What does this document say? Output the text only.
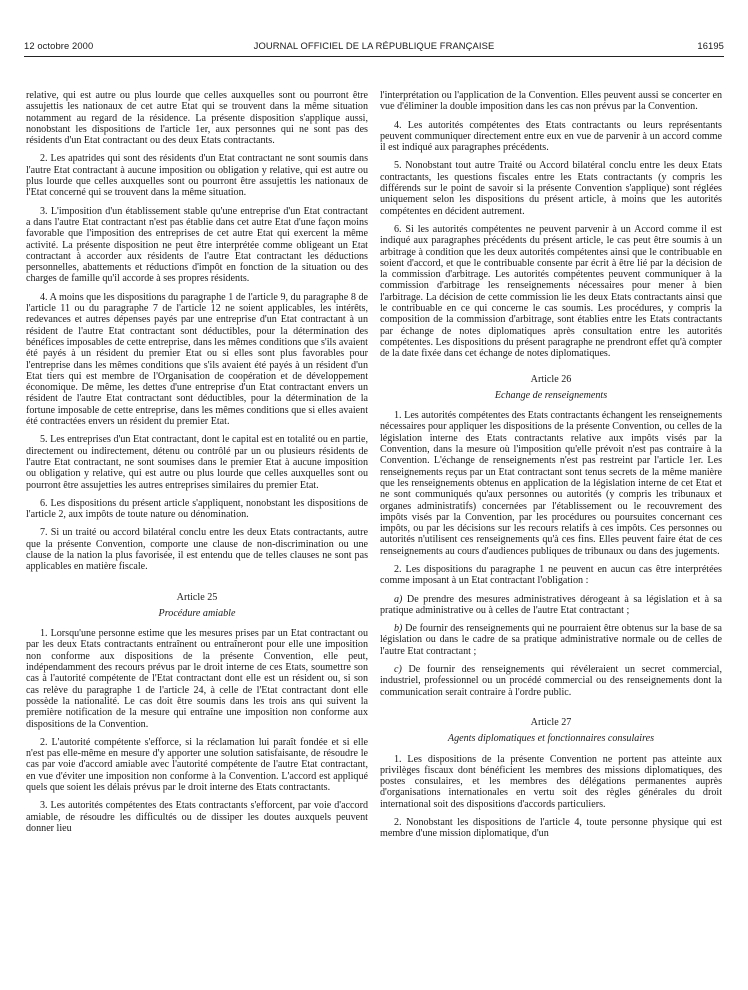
12 octobre 2000	JOURNAL OFFICIEL DE LA RÉPUBLIQUE FRANÇAISE	16195

relative, qui est autre ou plus lourde que celles auxquelles sont ou pourront être assujettis les nationaux de cet autre Etat qui se trouvent dans la même situation notamment au regard de la résidence. La présente disposition s'applique aussi, nonobstant les dispositions de l'article 1er, aux personnes qui ne sont pas des résidents d'un Etat contractant ou des deux Etats contractants.

2. Les apatrides qui sont des résidents d'un Etat contractant ne sont soumis dans l'autre Etat contractant à aucune imposition ou obligation y relative, qui est autre ou plus lourde que celles auxquelles sont ou pourront être assujettis les nationaux de l'Etat concerné qui se trouvent dans la même situation.

3. L'imposition d'un établissement stable qu'une entreprise d'un Etat contractant a dans l'autre Etat contractant n'est pas établie dans cet autre Etat d'une façon moins favorable que l'imposition des entreprises de cet autre Etat qui exercent la même activité. La présente disposition ne peut être interprétée comme obligeant un Etat contractant à accorder aux résidents de l'autre Etat contractant les déductions personnelles, abattements et réductions d'impôt en fonction de la situation ou des charges de famille qu'il accorde à ses propres résidents.

4. A moins que les dispositions du paragraphe 1 de l'article 9, du paragraphe 8 de l'article 11 ou du paragraphe 7 de l'article 12 ne soient applicables, les intérêts, redevances et autres dépenses payés par une entreprise d'un Etat contractant à un résident de l'autre Etat contractant sont déductibles, pour la détermination des bénéfices imposables de cette entreprise, dans les mêmes conditions que s'ils avaient été payés à un résident du premier Etat ou si elles sont plus favorables pour l'entreprise dans les mêmes conditions que s'ils avaient été payés à un résident d'un Etat tiers qui est membre de l'Organisation de coopération et de développement économique. De même, les dettes d'une entreprise d'un Etat contractant envers un résident de l'autre Etat contractant sont déductibles, pour la détermination de la fortune imposable de cette entreprise, dans les mêmes conditions que si elles avaient été contractées envers un résident du premier Etat.

5. Les entreprises d'un Etat contractant, dont le capital est en totalité ou en partie, directement ou indirectement, détenu ou contrôlé par un ou plusieurs résidents de l'autre Etat contractant, ne sont soumises dans le premier Etat à aucune imposition ou obligation y relative, qui est autre ou plus lourde que celles auxquelles sont ou pourront être assujetties les autres entreprises similaires du premier Etat.

6. Les dispositions du présent article s'appliquent, nonobstant les dispositions de l'article 2, aux impôts de toute nature ou dénomination.

7. Si un traité ou accord bilatéral conclu entre les deux Etats contractants, autre que la présente Convention, comporte une clause de non-discrimination ou une clause de la nation la plus favorisée, il est entendu que de telles clauses ne sont pas applicables en matière fiscale.

Article 25
Procédure amiable

1. Lorsqu'une personne estime que les mesures prises par un Etat contractant ou par les deux Etats contractants entraînent ou entraîneront pour elle une imposition non conforme aux dispositions de la présente Convention, elle peut, indépendamment des recours prévus par le droit interne de ces Etats, soumettre son cas à l'autorité compétente de l'Etat contractant dont elle est un résident ou, si son cas relève du paragraphe 1 de l'article 24, à celle de l'Etat contractant dont elle possède la nationalité. Le cas doit être soumis dans les trois ans qui suivent la première notification de la mesure qui entraîne une imposition non conforme aux dispositions de la Convention.

2. L'autorité compétente s'efforce, si la réclamation lui paraît fondée et si elle n'est pas elle-même en mesure d'y apporter une solution satisfaisante, de résoudre le cas par voie d'accord amiable avec l'autorité compétente de l'autre Etat contractant, en vue d'éviter une imposition non conforme à la Convention. L'accord est appliqué quels que soient les délais prévus par le droit interne des Etats contractants.

3. Les autorités compétentes des Etats contractants s'efforcent, par voie d'accord amiable, de résoudre les difficultés ou de dissiper les doutes auxquels peuvent donner lieu

l'interprétation ou l'application de la Convention. Elles peuvent aussi se concerter en vue d'éliminer la double imposition dans les cas non prévus par la Convention.

4. Les autorités compétentes des Etats contractants ou leurs représentants peuvent communiquer directement entre eux en vue de parvenir à un accord comme il est indiqué aux paragraphes précédents.

5. Nonobstant tout autre Traité ou Accord bilatéral conclu entre les deux Etats contractants, les questions fiscales entre les Etats contractants (y compris les différends sur le point de savoir si la présente Convention s'applique) sont réglées uniquement selon les dispositions du présent article, à moins que les autorités compétentes en décident autrement.

6. Si les autorités compétentes ne peuvent parvenir à un Accord comme il est indiqué aux paragraphes précédents du présent article, le cas peut être soumis à un arbitrage à condition que les deux autorités compétentes ainsi que le contribuable en soient d'accord, et que le contribuable consente par écrit à être lié par la décision de la commission d'arbitrage. Les autorités compétentes peuvent communiquer à la commission d'arbitrage les renseignements nécessaires pour mener à bien l'arbitrage. La décision de cette commission lie les deux Etats contractants ainsi que le contribuable en ce qui concerne le cas soumis. Les procédures, y compris la composition de la commission d'arbitrage, sont établies entre les Etats contractants par échange de notes diplomatiques après consultation entre les autorités compétentes. Les dispositions du présent paragraphe ne prendront effet qu'à compter de la date fixée dans cet échange de notes diplomatiques.

Article 26
Echange de renseignements

1. Les autorités compétentes des Etats contractants échangent les renseignements nécessaires pour appliquer les dispositions de la présente Convention, ou celles de la législation interne des Etats contractants relative aux impôts visés par la Convention, dans la mesure où l'imposition qu'elle prévoit n'est pas contraire à la Convention. L'échange de renseignements n'est pas restreint par l'article 1er. Les renseignements reçus par un Etat contractant sont tenus secrets de la même manière que les renseignements obtenus en application de la législation interne de cet Etat et ne sont communiqués qu'aux personnes ou autorités (y compris les tribunaux et organes administratifs) concernées par l'établissement ou le recouvrement des impôts visés par la Convention, par les procédures ou poursuites concernant ces impôts, ou par les décisions sur les recours relatifs à ces impôts. Ces personnes ou autorités n'utilisent ces renseignements qu'à ces fins. Elles peuvent faire état de ces renseignements au cours d'audiences publiques de tribunaux ou dans des jugements.

2. Les dispositions du paragraphe 1 ne peuvent en aucun cas être interprétées comme imposant à un Etat contractant l'obligation :

a) De prendre des mesures administratives dérogeant à sa législation et à sa pratique administrative ou à celles de l'autre Etat contractant ;

b) De fournir des renseignements qui ne pourraient être obtenus sur la base de sa législation ou dans le cadre de sa pratique administrative normale ou de celles de l'autre Etat contractant ;

c) De fournir des renseignements qui révéleraient un secret commercial, industriel, professionnel ou un procédé commercial ou des renseignements dont la communication serait contraire à l'ordre public.

Article 27
Agents diplomatiques et fonctionnaires consulaires

1. Les dispositions de la présente Convention ne portent pas atteinte aux privilèges fiscaux dont bénéficient les membres des missions diplomatiques, des postes consulaires, et les membres des délégations permanentes auprès d'organisations internationales en vertu soit des règles générales du droit international soit des dispositions d'accords particuliers.

2. Nonobstant les dispositions de l'article 4, toute personne physique qui est membre d'une mission diplomatique, d'un
